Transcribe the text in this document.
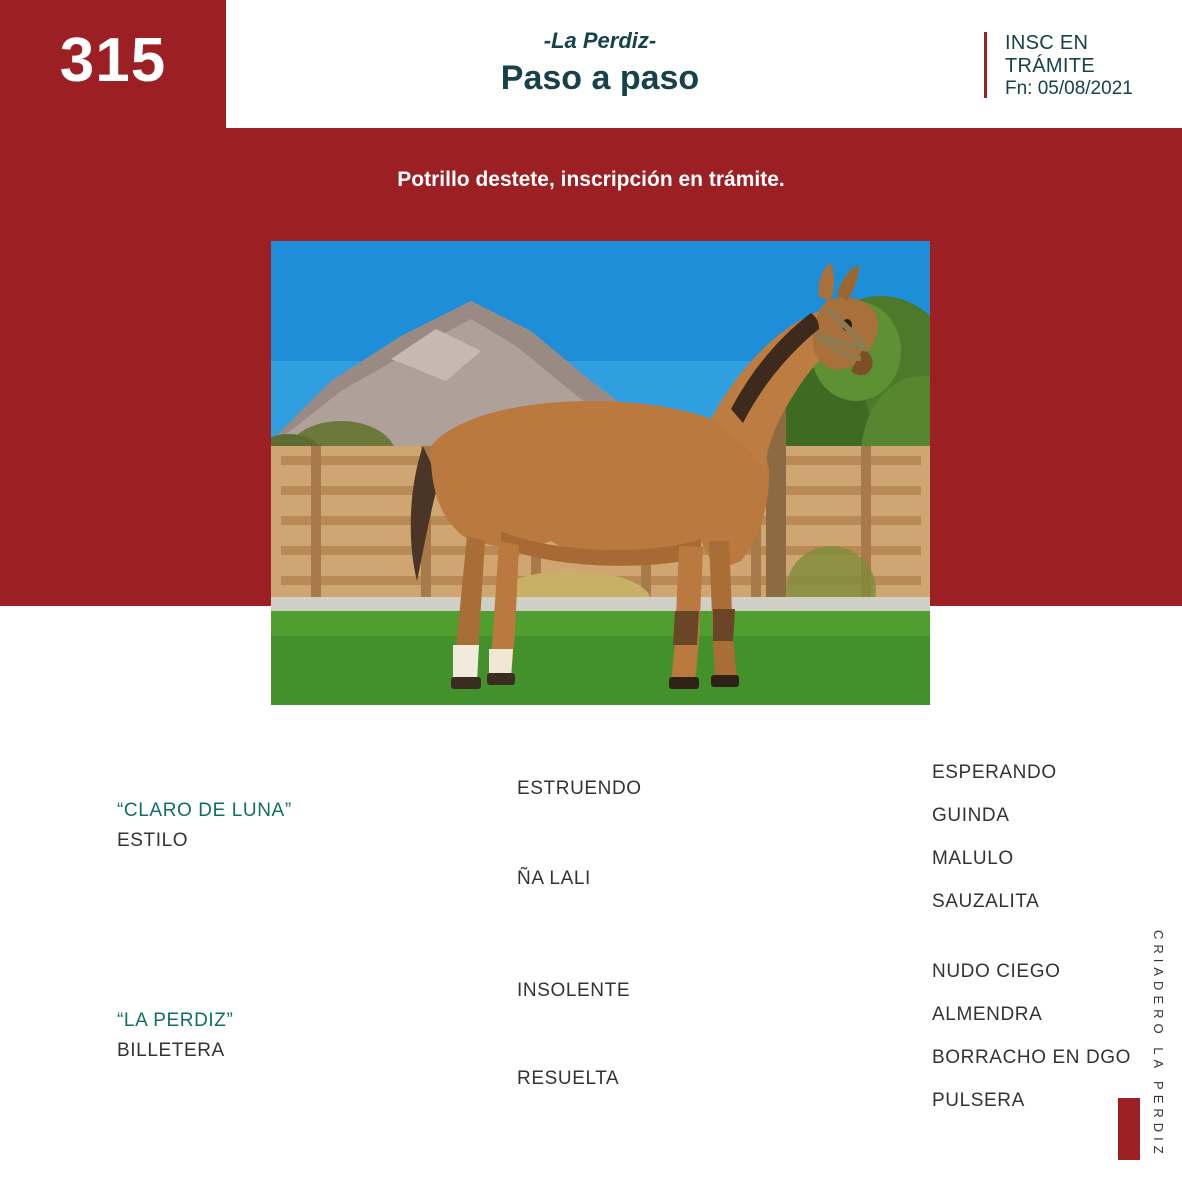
315	-La Perdiz-
Paso a paso
INSC EN TRÁMITE
Fn: 05/08/2021
Potrillo destete, inscripción en trámite.
“CLARO DE LUNA”
ESTILO
“LA PERDIZ”
BILLETERA
ESTRUENDO
ÑA LALI
INSOLENTE
RESUELTA
ESPERANDO
GUINDA
MALULO
SAUZALITA
NUDO CIEGO
ALMENDRA
BORRACHO EN DGO
PULSERA	CRIADERO LA PERDIZ
